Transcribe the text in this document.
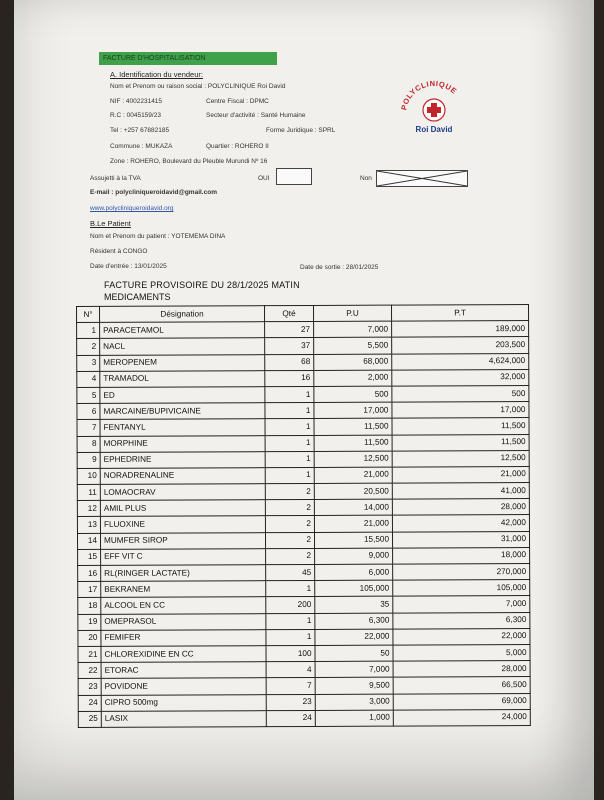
FACTURE D'HOSPITALISATION
A. Identification du vendeur:
Nom et Prenom ou raison social : POLYCLINIQUE Roi David
NIF : 4002231415	Centre Fiscal : DPMC
R.C : 0045159/23	Secteur d'activité : Santé Humaine
Tel : +257 67882185	Forme Juridique : SPRL
Commune : MUKAZA	Quartier : ROHERO II
Zone : ROHERO, Boulevard du Pleuble Murundi Nº 16
Assujetti à la TVA	OUI	Non
E-mail : polycliniqueroidavid@gmail.com
www.polycliniqueroidavid.org
POLYCLINIQUE
Roi David
B.Le Patient
Nom et Prenom du patient : YOTEMEMA DINA
Résident à CONGO
Date d'entrée : 13/01/2025	Date de sortie : 28/01/2025
FACTURE PROVISOIRE DU 28/1/2025 MATIN
MEDICAMENTS
N°	Désignation	Qté	P.U	P.T
1	PARACETAMOL	27	7,000	189,000
2	NACL	37	5,500	203,500
3	MEROPENEM	68	68,000	4,624,000
4	TRAMADOL	16	2,000	32,000
5	ED	1	500	500
6	MARCAINE/BUPIVICAINE	1	17,000	17,000
7	FENTANYL	1	11,500	11,500
8	MORPHINE	1	11,500	11,500
9	EPHEDRINE	1	12,500	12,500
10	NORADRENALINE	1	21,000	21,000
11	LOMAOCRAV	2	20,500	41,000
12	AMIL PLUS	2	14,000	28,000
13	FLUOXINE	2	21,000	42,000
14	MUMFER SIROP	2	15,500	31,000
15	EFF VIT C	2	9,000	18,000
16	RL(RINGER LACTATE)	45	6,000	270,000
17	BEKRANEM	1	105,000	105,000
18	ALCOOL EN CC	200	35	7,000
19	OMEPRASOL	1	6,300	6,300
20	FEMIFER	1	22,000	22,000
21	CHLOREXIDINE EN CC	100	50	5,000
22	ETORAC	4	7,000	28,000
23	POVIDONE	7	9,500	66,500
24	CIPRO 500mg	23	3,000	69,000
25	LASIX	24	1,000	24,000
